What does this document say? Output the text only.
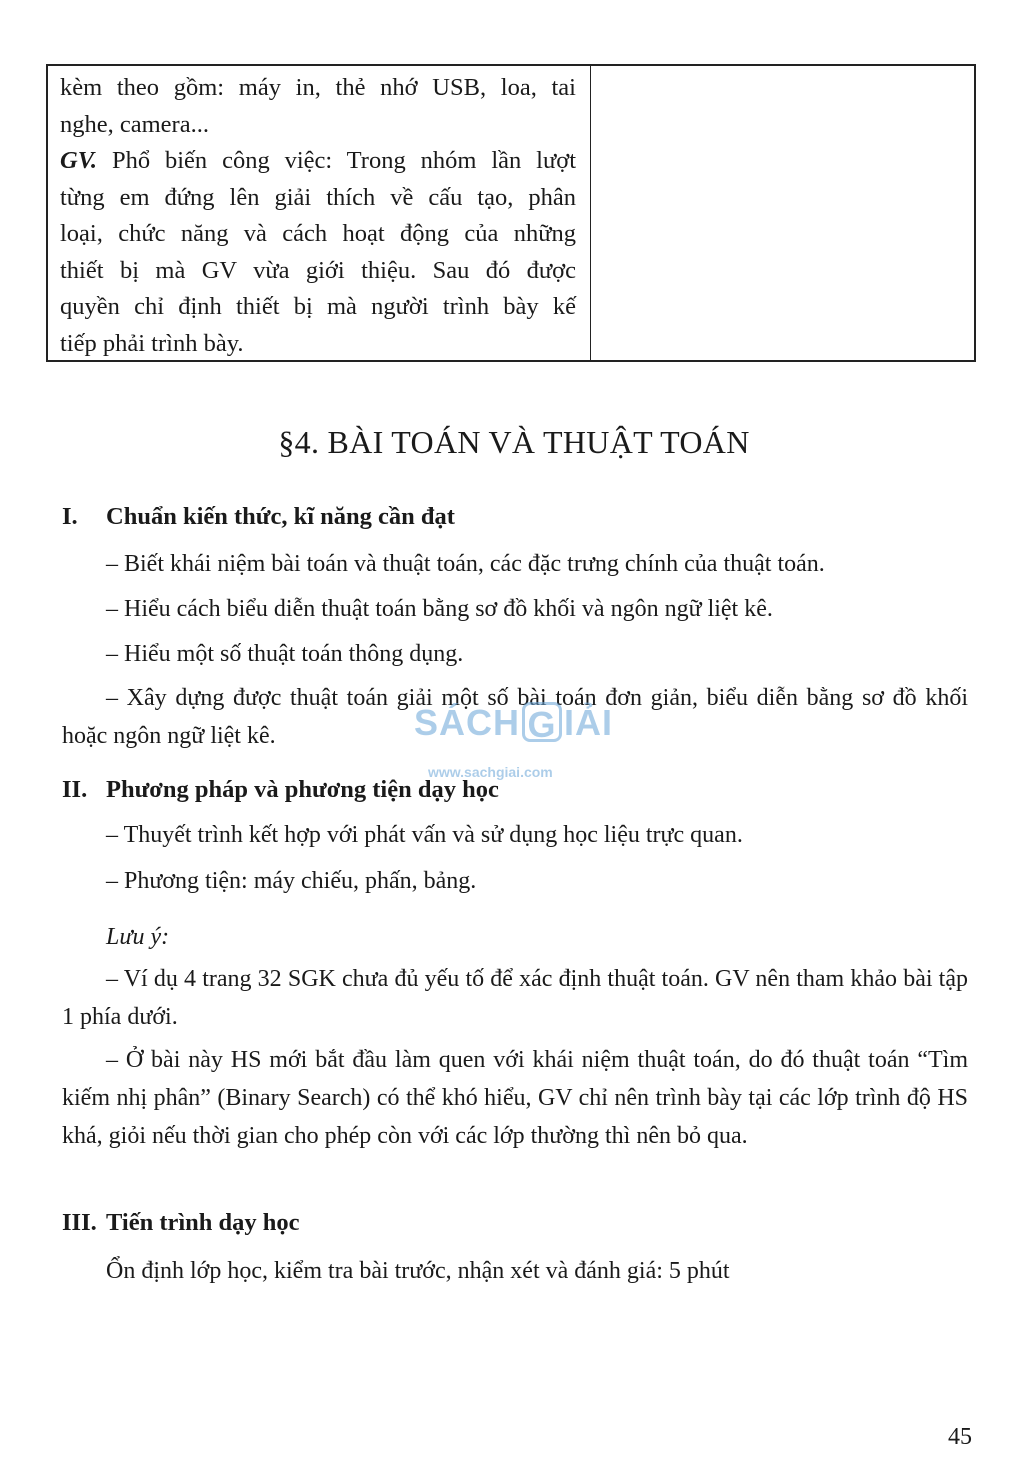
kèm theo gồm: máy in, thẻ nhớ USB, loa, tai
nghe, camera...
GV. Phổ biến công việc: Trong nhóm lần lượt
từng em đứng lên giải thích về cấu tạo, phân
loại, chức năng và cách hoạt động của những
thiết bị mà GV vừa giới thiệu. Sau đó được
quyền chỉ định thiết bị mà người trình bày kế
tiếp phải trình bày.
§4. BÀI TOÁN VÀ THUẬT TOÁN
I. Chuẩn kiến thức, kĩ năng cần đạt
– Biết khái niệm bài toán và thuật toán, các đặc trưng chính của thuật toán.
– Hiểu cách biểu diễn thuật toán bằng sơ đồ khối và ngôn ngữ liệt kê.
– Hiểu một số thuật toán thông dụng.
– Xây dựng được thuật toán giải một số bài toán đơn giản, biểu diễn bằng sơ đồ khối hoặc ngôn ngữ liệt kê.	SÁCH G IẢI
www.sachgiai.com
II. Phương pháp và phương tiện dạy học
– Thuyết trình kết hợp với phát vấn và sử dụng học liệu trực quan.
– Phương tiện: máy chiếu, phấn, bảng.
Lưu ý:
– Ví dụ 4 trang 32 SGK chưa đủ yếu tố để xác định thuật toán. GV nên tham khảo bài tập 1 phía dưới.
– Ở bài này HS mới bắt đầu làm quen với khái niệm thuật toán, do đó thuật toán “Tìm kiếm nhị phân” (Binary Search) có thể khó hiểu, GV chỉ nên trình bày tại các lớp trình độ HS khá, giỏi nếu thời gian cho phép còn với các lớp thường thì nên bỏ qua.
III. Tiến trình dạy học
Ổn định lớp học, kiểm tra bài trước, nhận xét và đánh giá: 5 phút
45
